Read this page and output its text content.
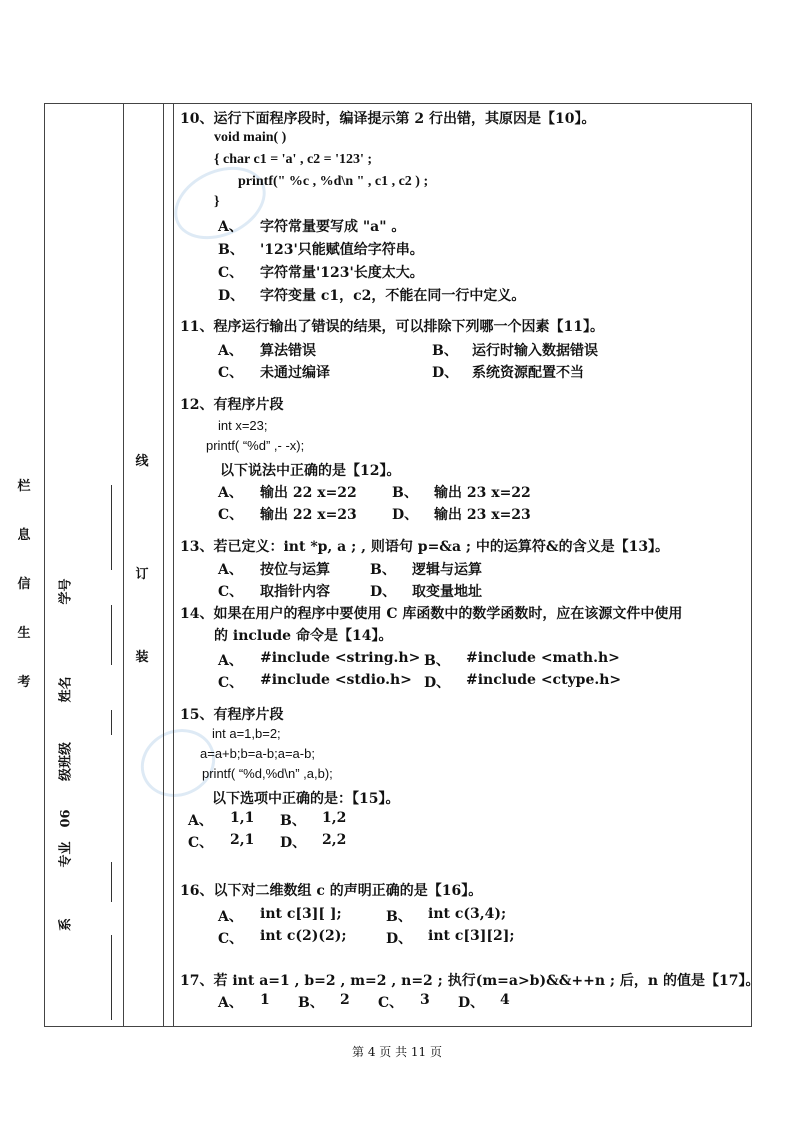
栏
息
信
生
考
学号
姓名
级班级
06
专业
系
线
订
装
10、运行下面程序段时，编译提示第 2 行出错，其原因是【10】。
void main( )
{ char c1 = 'a' , c2 = '123' ;
printf(" %c , %d\n " , c1 , c2 ) ;
}
A、 字符常量要写成 "a" 。
B、 '123'只能赋值给字符串。
C、 字符常量'123'长度太大。
D、 字符变量 c1，c2，不能在同一行中定义。
11、程序运行输出了错误的结果，可以排除下列哪一个因素【11】。
A、 算法错误	B、 运行时输入数据错误
C、 未通过编译	D、 系统资源配置不当
12、有程序片段
int x=23;
printf( “%d” ,- -x);
以下说法中正确的是【12】。
A、 输出 22 x=22	B、 输出 23 x=22
C、 输出 22 x=23	D、 输出 23 x=23
13、若已定义：int *p, a ; , 则语句 p=&a ; 中的运算符&的含义是【13】。
A、 按位与运算	B、 逻辑与运算
C、 取指针内容	D、 取变量地址
14、如果在用户的程序中要使用 C 库函数中的数学函数时，应在该源文件中使用
的 include 命令是【14】。
A、 #include <string.h> B、 #include <math.h>
C、 #include <stdio.h> D、 #include <ctype.h>
15、有程序片段
int a=1,b=2;
a=a+b;b=a-b;a=a-b;
printf( “%d,%d\n” ,a,b);
以下选项中正确的是：【15】。
A、 1,1 B、 1,2
C、 2,1 D、 2,2
16、以下对二维数组 c 的声明正确的是【16】。
A、 int c[3][ ];	B、 int c(3,4);
C、 int c(2)(2);	D、 int c[3][2];
17、若 int a=1 , b=2 , m=2 , n=2 ; 执行(m=a>b)&&++n ; 后，n 的值是【17】。
A、 1 B、 2 C、 3 D、 4
第 4 页 共 11 页
